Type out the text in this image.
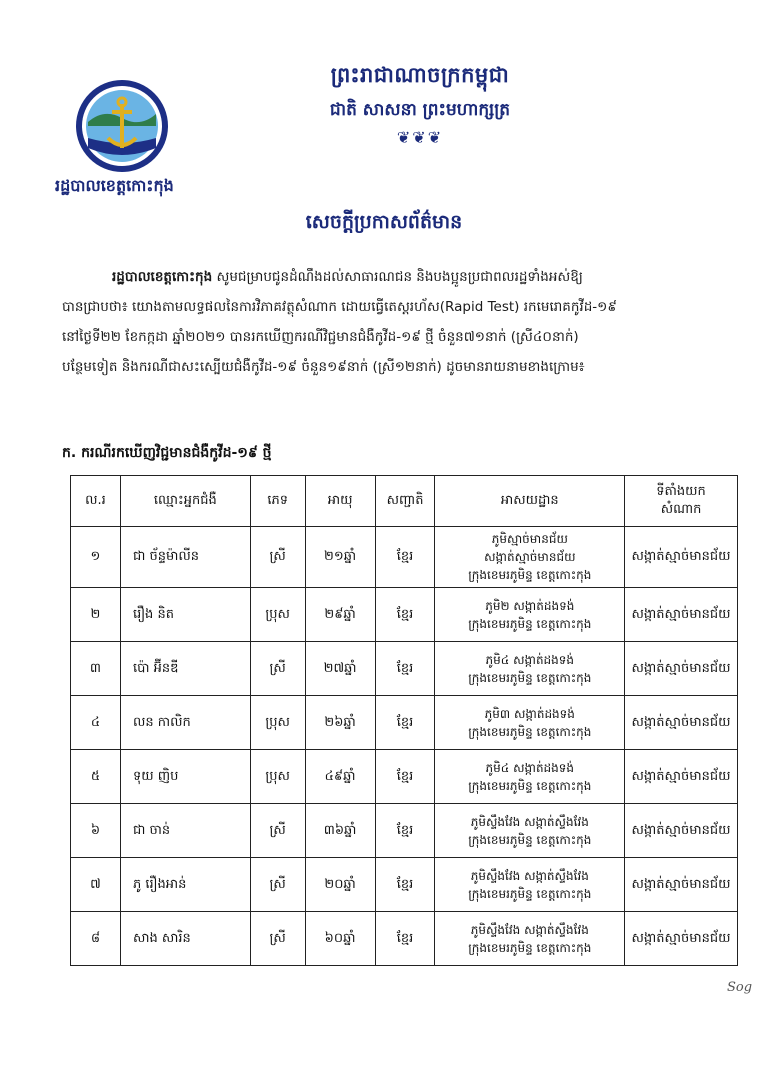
ព្រះរាជាណាចក្រកម្ពុជា
ជាតិ សាសនា ព្រះមហាក្សត្រ
❦❦❦
រដ្ឋបាលខេត្តកោះកុង
សេចក្តីប្រកាសព័ត៌មាន
រដ្ឋបាលខេត្តកោះកុង សូមជម្រាបជូនដំណឹងដល់សាធារណជន និងបងប្អូនប្រជាពលរដ្ឋទាំងអស់ឱ្យ
បានជ្រាបថា៖ យោងតាមលទ្ធផលនៃការវិភាគវត្ថុសំណាក ដោយធ្វើតេស្តរហ័ស(Rapid Test) រកមេរោគកូវីដ-១៩
នៅថ្ងៃទី២២ ខែកក្កដា ឆ្នាំ២០២១ បានរកឃើញករណីវិជ្ជមានជំងឺកូវីដ-១៩ ថ្មី ចំនួន៧១នាក់ (ស្រី៤០នាក់)
បន្ថែមទៀត និងករណីជាសះស្បើយជំងឺកូវីដ-១៩ ចំនួន១៩នាក់ (ស្រី១២នាក់) ដូចមានរាយនាមខាងក្រោម៖
ក. ករណីរកឃើញវិជ្ជមានជំងឺកូវីដ-១៩ ថ្មី
ល.រ	ឈ្មោះអ្នកជំងឺ	ភេទ	អាយុ	សញ្ជាតិ	អាសយដ្ឋាន	ទីតាំងយក
សំណាក

១	ជា ច័ន្ទម៉ាលីន	ស្រី	២១ឆ្នាំ	ខ្មែរ	ភូមិស្មាច់មានជ័យ
សង្កាត់ស្មាច់មានជ័យ
ក្រុងខេមរភូមិន្ទ ខេត្តកោះកុង	សង្កាត់ស្មាច់មានជ័យ
២	រឿង និត	ប្រុស	២៩ឆ្នាំ	ខ្មែរ	ភូមិ២ សង្កាត់ដងទង់
ក្រុងខេមរភូមិន្ទ ខេត្តកោះកុង	សង្កាត់ស្មាច់មានជ័យ
៣	ប៉ោ អ៊ីនឌី	ស្រី	២៧ឆ្នាំ	ខ្មែរ	ភូមិ៤ សង្កាត់ដងទង់
ក្រុងខេមរភូមិន្ទ ខេត្តកោះកុង	សង្កាត់ស្មាច់មានជ័យ
៤	លន កាលិក	ប្រុស	២៦ឆ្នាំ	ខ្មែរ	ភូមិ៣ សង្កាត់ដងទង់
ក្រុងខេមរភូមិន្ទ ខេត្តកោះកុង	សង្កាត់ស្មាច់មានជ័យ
៥	ទុយ ញិប	ប្រុស	៤៩ឆ្នាំ	ខ្មែរ	ភូមិ៤ សង្កាត់ដងទង់
ក្រុងខេមរភូមិន្ទ ខេត្តកោះកុង	សង្កាត់ស្មាច់មានជ័យ
៦	ជា ចាន់	ស្រី	៣៦ឆ្នាំ	ខ្មែរ	ភូមិស្ទឹងវែង សង្កាត់ស្ទឹងវែង
ក្រុងខេមរភូមិន្ទ ខេត្តកោះកុង	សង្កាត់ស្មាច់មានជ័យ
៧	ភូ រឿងអាន់	ស្រី	២០ឆ្នាំ	ខ្មែរ	ភូមិស្ទឹងវែង សង្កាត់ស្ទឹងវែង
ក្រុងខេមរភូមិន្ទ ខេត្តកោះកុង	សង្កាត់ស្មាច់មានជ័យ
៨	សាង សារិន	ស្រី	៦០ឆ្នាំ	ខ្មែរ	ភូមិស្ទឹងវែង សង្កាត់ស្ទឹងវែង
ក្រុងខេមរភូមិន្ទ ខេត្តកោះកុង	សង្កាត់ស្មាច់មានជ័យ
Sog
